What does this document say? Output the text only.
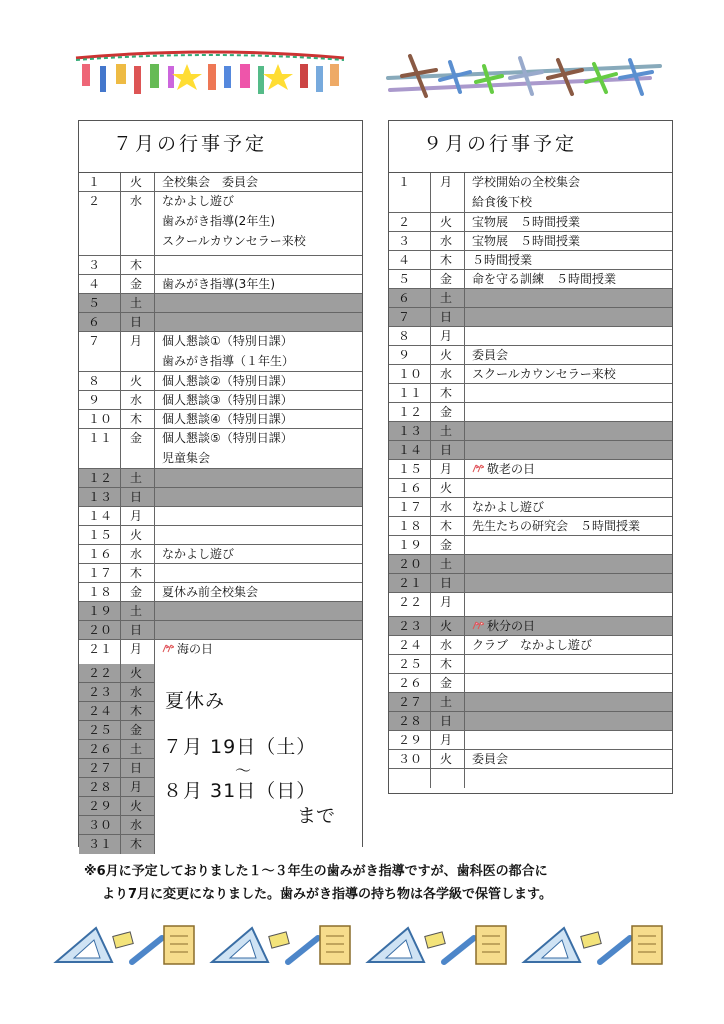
７月の行事予定
１	火	全校集会　委員会
２	水	なかよし遊び
歯みがき指導(2年生)
スクールカウンセラー来校
３	木
４	金	歯みがき指導(3年生)
５	土
６	日
７	月	個人懇談①（特別日課）
歯みがき指導（１年生）
８	火	個人懇談②（特別日課）
９	水	個人懇談③（特別日課）
１０	木	個人懇談④（特別日課）
１１	金	個人懇談⑤（特別日課）
児童集会
１２	土
１３	日
１４	月
１５	火
１６	水	なかよし遊び
１７	木
１８	金	夏休み前全校集会
１９	土
２０	日
２１	月	海の日
２２	火
２３	水
２４	木
２５	金
２６	土
２７	日
２８	月
２９	火
３０	水
３１	木
夏休み
７月 19日（土）
～
８月 31日（日）
まで
９月の行事予定
１	月	学校開始の全校集会
給食後下校
２	火	宝物展　５時間授業
３	水	宝物展　５時間授業
４	木	５時間授業
５	金	命を守る訓練　５時間授業
６	土
７	日
８	月
９	火	委員会
１０	水	スクールカウンセラー来校
１１	木
１２	金
１３	土
１４	日
１５	月	敬老の日
１６	火
１７	水	なかよし遊び
１８	木	先生たちの研究会　５時間授業
１９	金
２０	土
２１	日
２２	月
２３	火	秋分の日
２４	水	クラブ　なかよし遊び
２５	木
２６	金
２７	土
２８	日
２９	月
３０	火	委員会
※6月に予定しておりました１～３年生の歯みがき指導ですが、歯科医の都合に
より7月に変更になりました。歯みがき指導の持ち物は各学級で保管します。
